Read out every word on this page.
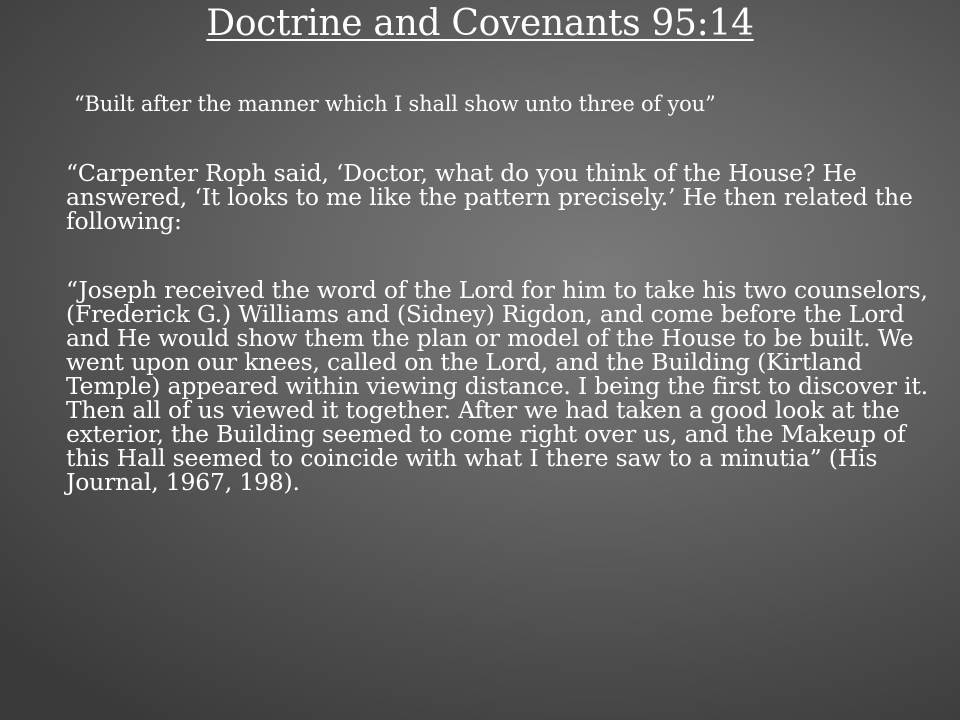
Doctrine and Covenants 95:14

“Built after the manner which I shall show unto three of you”

“Carpenter Roph said, ‘Doctor, what do you think of the House? He answered, ‘It looks to me like the pattern precisely.’ He then related the following:

“Joseph received the word of the Lord for him to take his two counselors, (Frederick G.) Williams and (Sidney) Rigdon, and come before the Lord and He would show them the plan or model of the House to be built. We went upon our knees, called on the Lord, and the Building (Kirtland Temple) appeared within viewing distance. I being the first to discover it. Then all of us viewed it together. After we had taken a good look at the exterior, the Building seemed to come right over us, and the Makeup of this Hall seemed to coincide with what I there saw to a minutia” (His Journal, 1967, 198).
